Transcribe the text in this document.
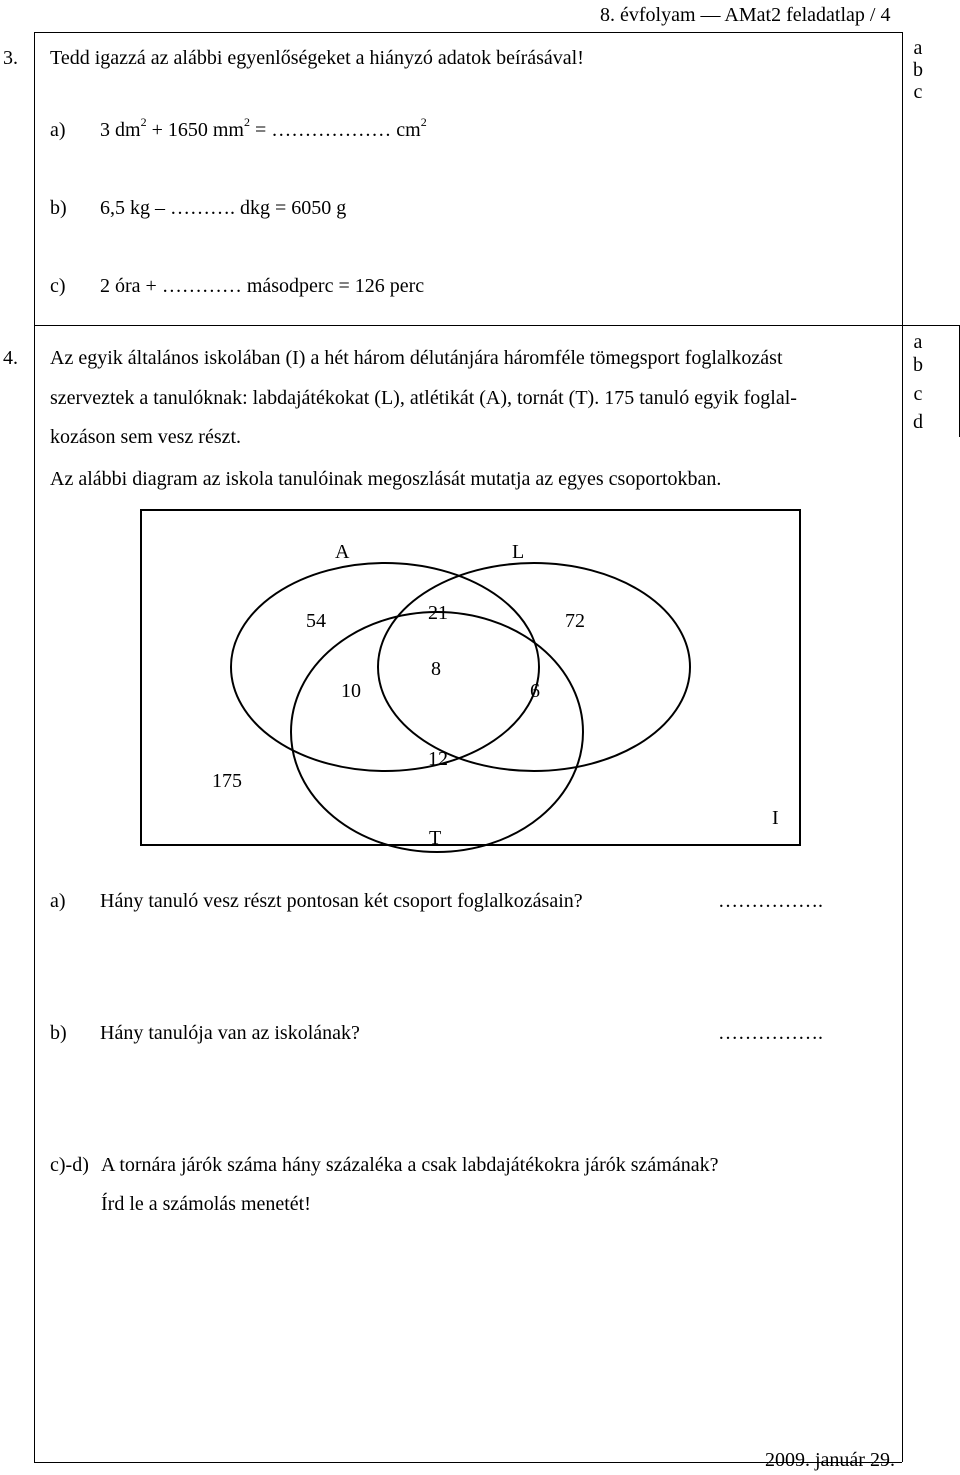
8. évfolyam — AMat2 feladatlap / 4
3. Tedd igazzá az alábbi egyenlőségeket a hiányzó adatok beírásával!	a
b
c
a) 3 $dm^2 + 1650$ $mm^2$ = ……………… $cm^2$
b) 6,5 kg – ………. dkg = 6050 g
c) 2 óra + ………… másodperc = 126 perc
4. Az egyik általános iskolában (I) a hét három délutánjára háromféle tömegsport foglalkozást
szerveztek a tanulóknak: labdajátékokat (L), atlétikát (A), tornát (T). 175 tanuló egyik foglal-
kozáson sem vesz részt.
Az alábbi diagram az iskola tanulóinak megoszlását mutatja az egyes csoportokban.
a
b
c
d
A	L
54	21	72
8
10	6
12
175
T
I
a) Hány tanuló vesz részt pontosan két csoport foglalkozásain?	…………….
b) Hány tanulója van az iskolának?	…………….
c)-d) A tornára járók száma hány százaléka a csak labdajátékokra járók számának?
Írd le a számolás menetét!
2009. január 29.
